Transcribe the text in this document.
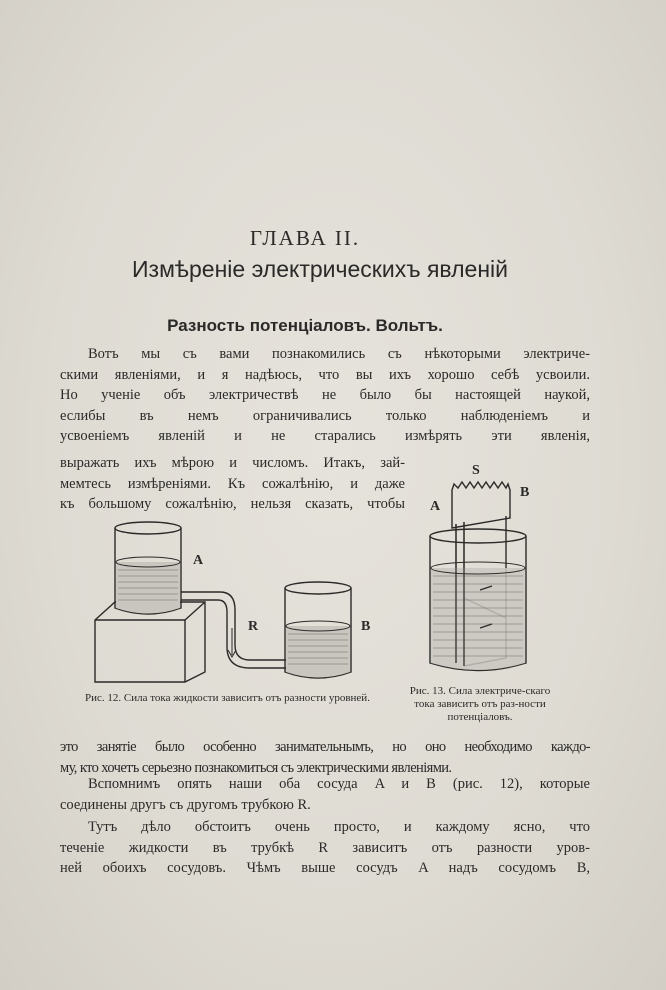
ГЛАВА II.
Измѣреніе электрическихъ явленій
Разность потенціаловъ. Вольтъ.
Вотъ мы съ вами познакомились съ нѣкоторыми электриче-
скими явленіями, и я надѣюсь, что вы ихъ хорошо себѣ усвоили.
Но ученіе объ электричествѣ не было бы настоящей наукой,
еслибы въ немъ ограничивались только наблюденіемъ и
усвоеніемъ явленій и не старались измѣрять эти явленія,
выражать ихъ мѣрою и числомъ. Итакъ, зай-
мемтесь измѣреніями. Къ сожалѣнію, и даже
къ большому сожалѣнію, нельзя сказать, чтобы
A
R	B
S
A
B
Рис. 12. Сила тока жидкости зависитъ отъ разности уровней.
Рис. 13. Сила электриче-скаго тока зависитъ отъ раз-ности потенціаловъ.
это занятіе было особенно занимательнымъ, но оно необходимо каждо-
му, кто хочетъ серьезно познакомиться съ электрическими явленіями.
Вспомнимъ опять наши оба сосуда A и B (рис. 12), которые
соединены другъ съ другомъ трубкою R.
Тутъ дѣло обстоитъ очень просто, и каждому ясно, что
теченіе жидкости въ трубкѣ R зависитъ отъ разности уров-
ней обоихъ сосудовъ. Чѣмъ выше сосудъ A надъ сосудомъ B,
